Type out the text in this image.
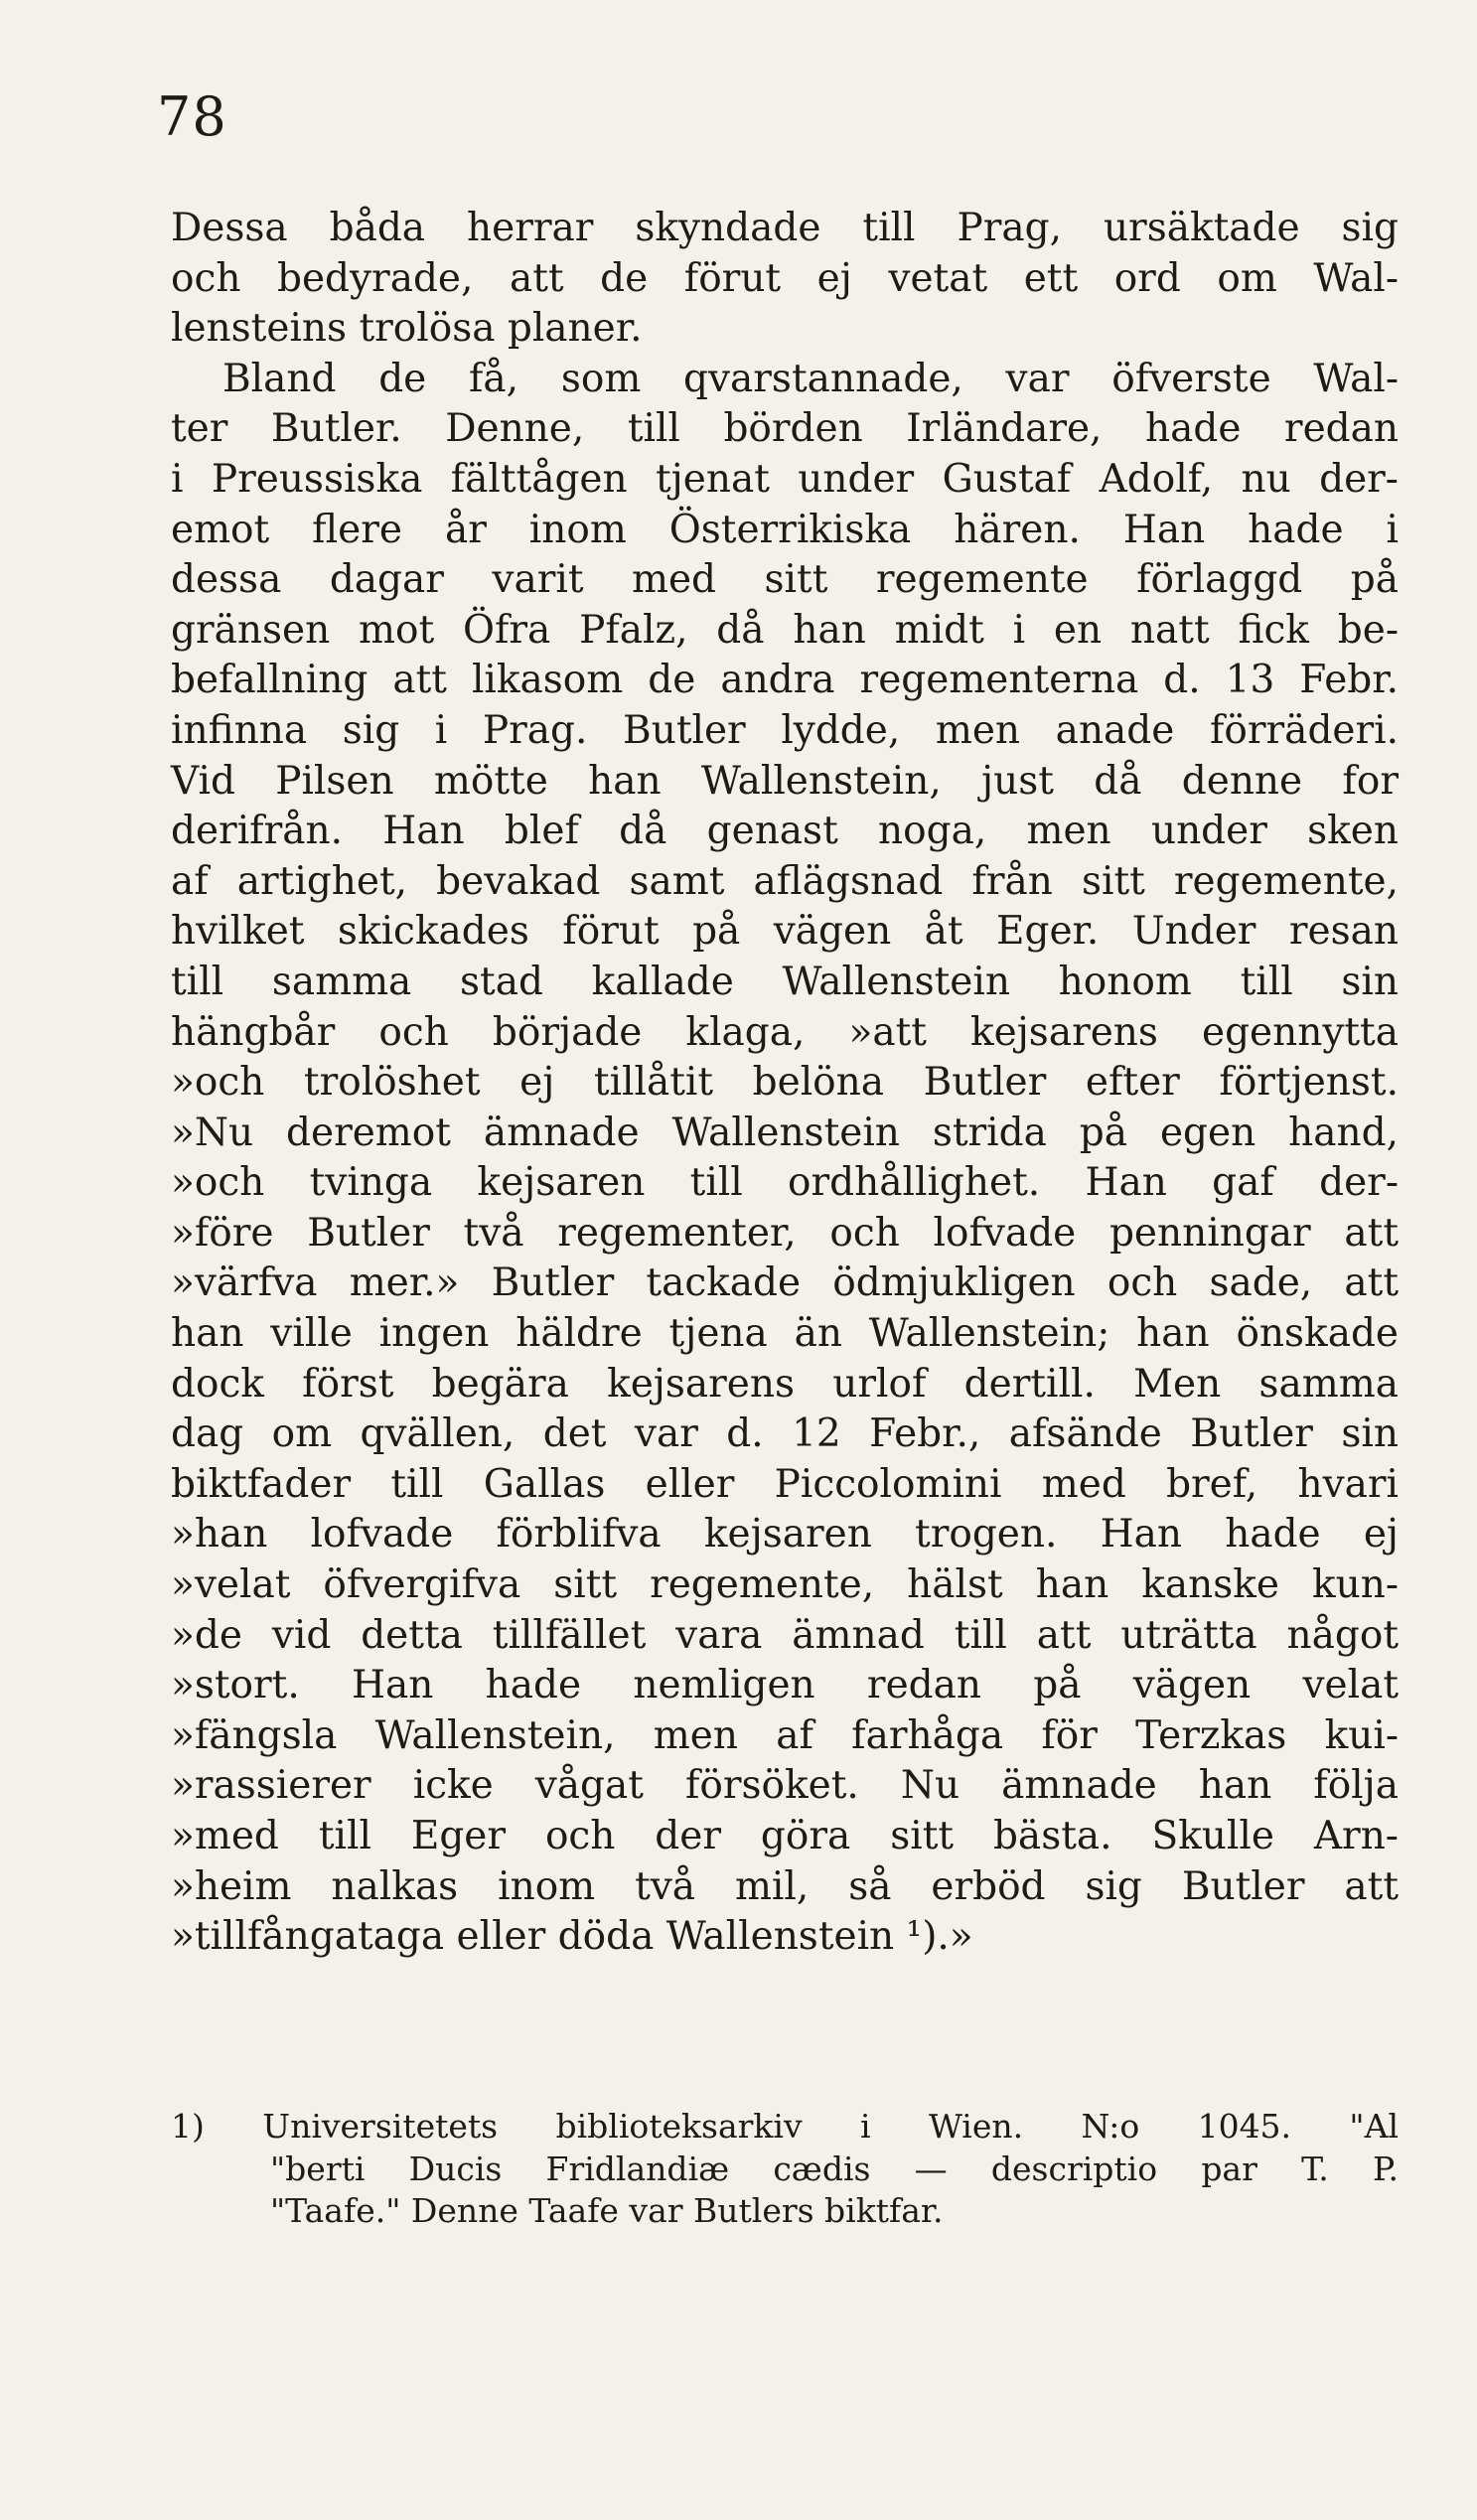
78
Dessa båda herrar skyndade till Prag, ursäktade sig
och bedyrade, att de förut ej vetat ett ord om Wal-
lensteins trolösa planer.
Bland de få, som qvarstannade, var öfverste Wal-
ter Butler. Denne, till börden Irländare, hade redan
i Preussiska fälttågen tjenat under Gustaf Adolf, nu der-
emot flere år inom Österrikiska hären. Han hade i
dessa dagar varit med sitt regemente förlaggd på
gränsen mot Öfra Pfalz, då han midt i en natt fick be-
befallning att likasom de andra regementerna d. 13 Febr.
infinna sig i Prag. Butler lydde, men anade förräderi.
Vid Pilsen mötte han Wallenstein, just då denne for
derifrån. Han blef då genast noga, men under sken
af artighet, bevakad samt aflägsnad från sitt regemente,
hvilket skickades förut på vägen åt Eger. Under resan
till samma stad kallade Wallenstein honom till sin
hängbår och började klaga, »att kejsarens egennytta
»och trolöshet ej tillåtit belöna Butler efter förtjenst.
»Nu deremot ämnade Wallenstein strida på egen hand,
»och tvinga kejsaren till ordhållighet. Han gaf der-
»före Butler två regementer, och lofvade penningar att
»värfva mer.» Butler tackade ödmjukligen och sade, att
han ville ingen häldre tjena än Wallenstein; han önskade
dock först begära kejsarens urlof dertill. Men samma
dag om qvällen, det var d. 12 Febr., afsände Butler sin
biktfader till Gallas eller Piccolomini med bref, hvari
»han lofvade förblifva kejsaren trogen. Han hade ej
»velat öfvergifva sitt regemente, hälst han kanske kun-
»de vid detta tillfället vara ämnad till att uträtta något
»stort. Han hade nemligen redan på vägen velat
»fängsla Wallenstein, men af farhåga för Terzkas kui-
»rassierer icke vågat försöket. Nu ämnade han följa
»med till Eger och der göra sitt bästa. Skulle Arn-
»heim nalkas inom två mil, så erböd sig Butler att
»tillfångataga eller döda Wallenstein ¹).»
1) Universitetets biblioteksarkiv i Wien. N:o 1045. "Al
"berti Ducis Fridlandiæ cædis — descriptio par T. P.
"Taafe." Denne Taafe var Butlers biktfar.
